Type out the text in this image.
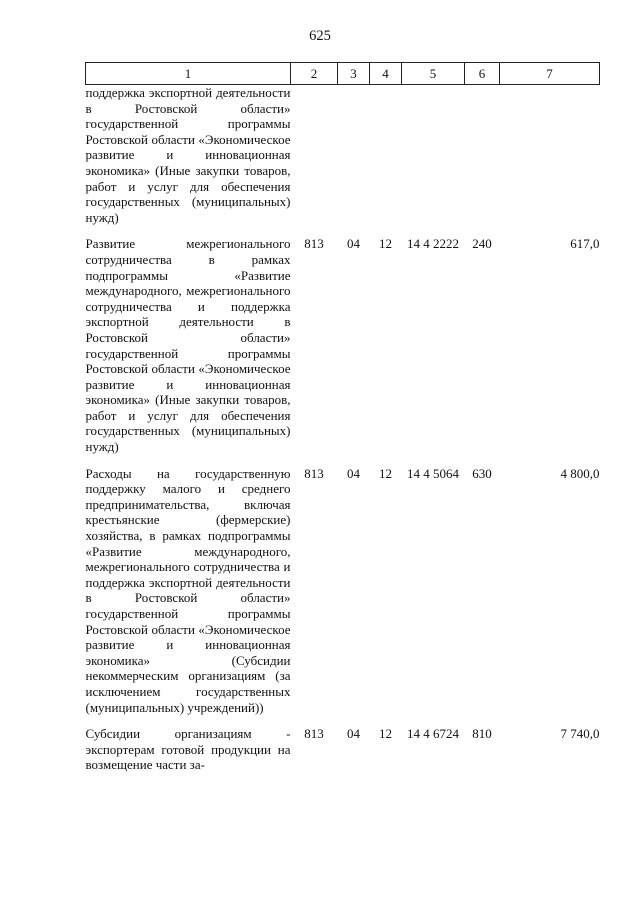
625
1	2	3	4	5	6	7
поддержка экспортной деятельности в Ростовской области» государственной программы Ростовской области «Экономическое развитие и инновационная экономика» (Иные закупки товаров, работ и услуг для обеспечения государственных (муниципальных) нужд)						
Развитие межрегионального сотрудничества в рамках подпрограммы «Развитие международного, межрегионального сотрудничества и поддержка экспортной деятельности в Ростовской области» государственной программы Ростовской области «Экономическое развитие и инновационная экономика» (Иные закупки товаров, работ и услуг для обеспечения государственных (муниципальных) нужд)	813	04	12	14 4 2222	240	617,0
Расходы на государственную поддержку малого и среднего предпринимательства, включая крестьянские (фермерские) хозяйства, в рамках подпрограммы «Развитие международного, межрегионального сотрудничества и поддержка экспортной деятельности в Ростовской области» государственной программы Ростовской области «Экономическое развитие и инновационная экономика» (Субсидии некоммерческим организациям (за исключением государственных (муниципальных) учреждений))	813	04	12	14 4 5064	630	4 800,0
Субсидии организациям - экспортерам готовой продукции на возмещение части за-	813	04	12	14 4 6724	810	7 740,0
